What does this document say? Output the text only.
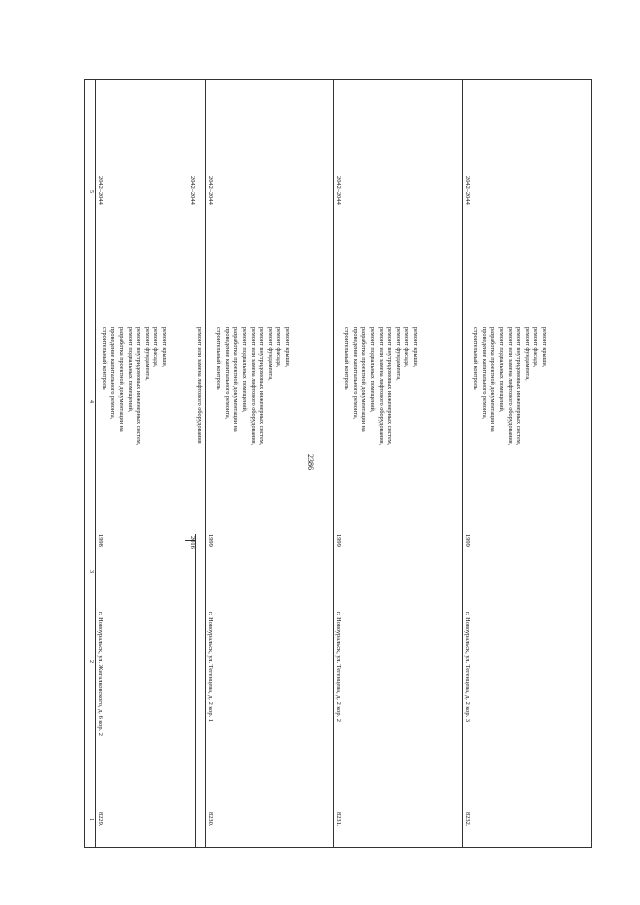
2386
1
2
3
4
5
8229.
г. Новоуральск, ул. Жигалковского, д. 6 кор. 2
1998
ремонт крыши,
ремонт фасада,
ремонт фундамента,
ремонт внутридомовых инженерных систем,
ремонт подвальных помещений,
разработка проектной документации на
проведение капитального ремонта,
строительный контроль
2042–2044
2016
ремонт или замена лифтового оборудования
2042–2044
8230.
г. Новоуральск, ул. Тегенцева, д. 2 кор. 1
1999
ремонт крыши,
ремонт фасада,
ремонт фундамента,
ремонт внутридомовых инженерных систем,
ремонт или замена лифтового оборудования,
ремонт подвальных помещений,
разработка проектной документации на
проведение капитального ремонта,
строительный контроль
2042–2044
8231.
г. Новоуральск, ул. Тегенцева, д. 2 кор. 2
1999
ремонт крыши,
ремонт фасада,
ремонт фундамента,
ремонт внутридомовых инженерных систем,
ремонт или замена лифтового оборудования,
ремонт подвальных помещений,
разработка проектной документации на
проведение капитального ремонта,
строительный контроль
2042–2044
8232.
г. Новоуральск, ул. Тегенцева, д. 2 кор. 3
1999
ремонт крыши,
ремонт фасада,
ремонт фундамента,
ремонт внутридомовых инженерных систем,
ремонт или замена лифтового оборудования,
ремонт подвальных помещений,
разработка проектной документации на
проведение капитального ремонта,
строительный контроль
2042–2044
